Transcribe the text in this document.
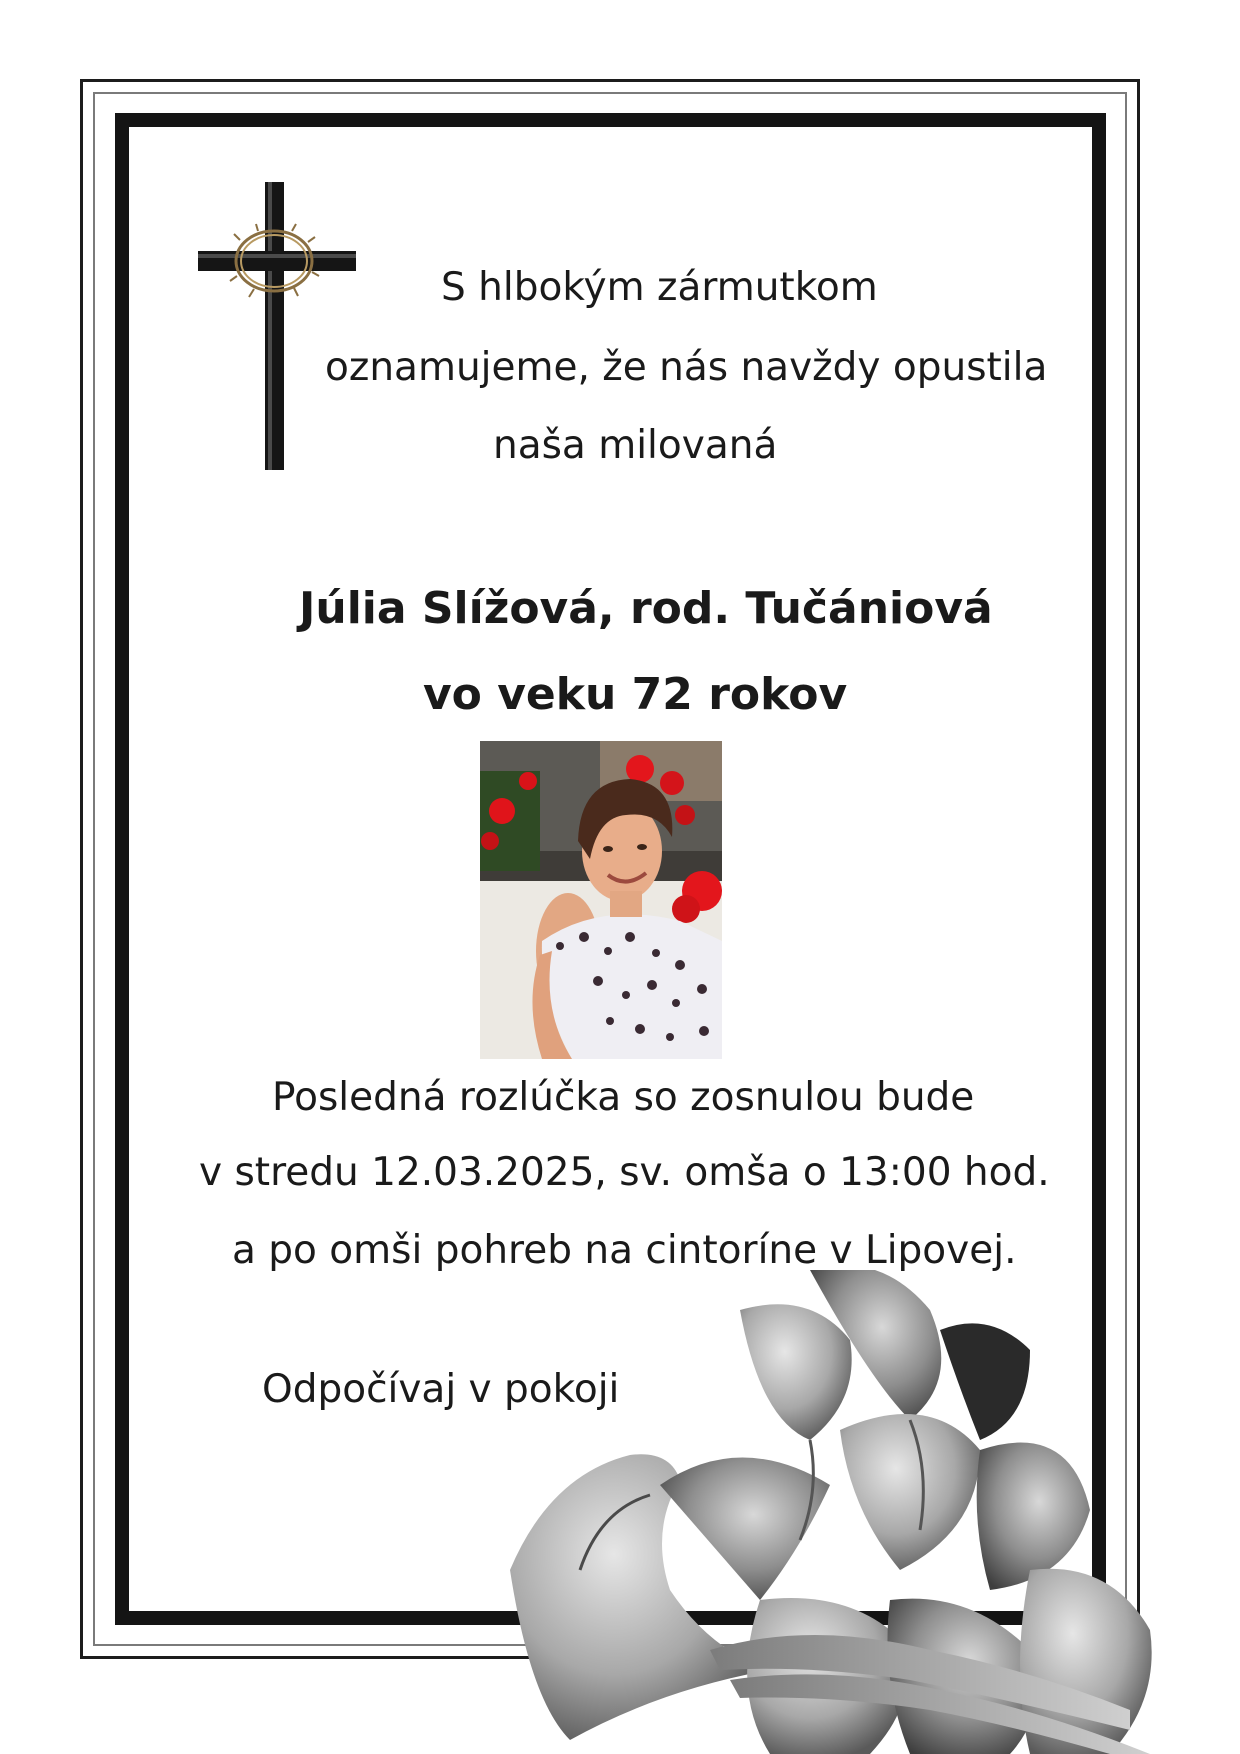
S hlbokým zármutkom
oznamujeme, že nás navždy opustila
naša milovaná
Júlia Slížová, rod. Tučániová
vo veku 72 rokov
Posledná rozlúčka so zosnulou bude
v stredu 12.03.2025, sv. omša o 13:00 hod.
a po omši pohreb na cintoríne v Lipovej.
Odpočívaj v pokoji
